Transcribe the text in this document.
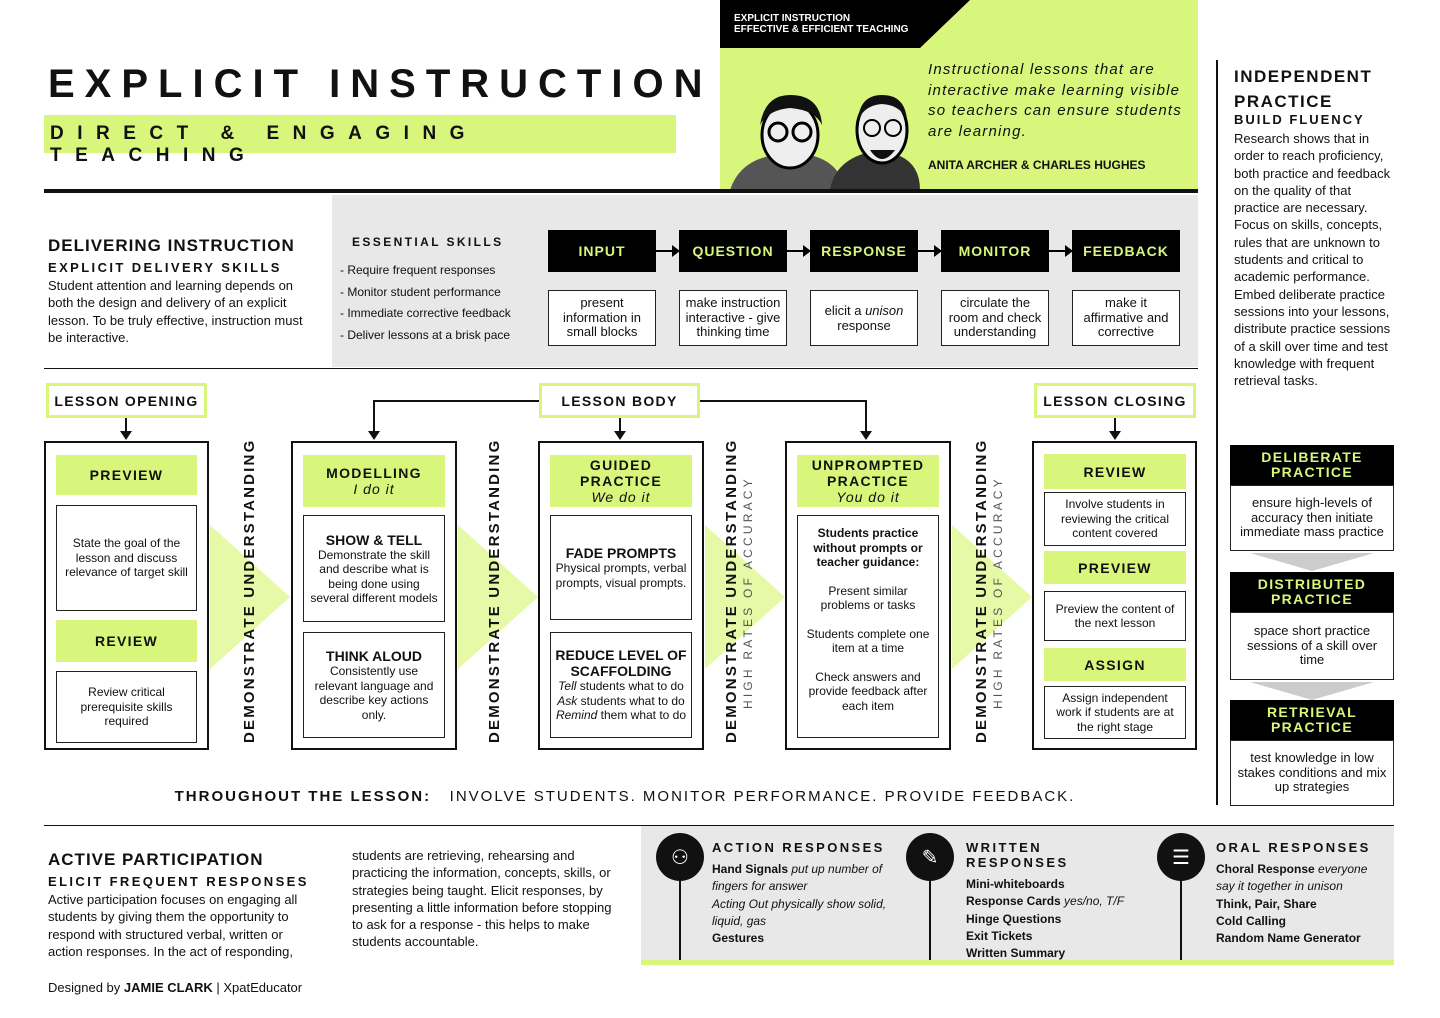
EXPLICIT INSTRUCTION
DIRECT & ENGAGING TEACHING
EXPLICIT INSTRUCTION
EFFECTIVE & EFFICIENT TEACHING
Instructional lessons that are interactive make learning visible so teachers can ensure students are learning.
ANITA ARCHER & CHARLES HUGHES
DELIVERING INSTRUCTION
EXPLICIT DELIVERY SKILLS
Student attention and learning depends on both the design and delivery of an explicit lesson. To be truly effective, instruction must be interactive.
ESSENTIAL SKILLS
- Require frequent responses
- Monitor student performance
- Immediate corrective feedback
- Deliver lessons at a brisk pace
INPUT	QUESTION	RESPONSE	MONITOR	FEEDBACK
present information in small blocks
make instruction interactive - give thinking time
elicit a unison response
circulate the room and check understanding
make it affirmative and corrective
INDEPENDENT
PRACTICE
BUILD FLUENCY
Research shows that in order to reach proficiency, both practice and feedback on the quality of that practice are necessary. Focus on skills, concepts, rules that are unknown to students and critical to academic performance. Embed deliberate practice sessions into your lessons, distribute practice sessions of a skill over time and test knowledge with frequent retrieval tasks.
DELIBERATE
PRACTICE
ensure high-levels of accuracy then initiate immediate mass practice
DISTRIBUTED
PRACTICE
space short practice sessions of a skill over time
RETRIEVAL
PRACTICE
test knowledge in low stakes conditions and mix up strategies
LESSON OPENING	LESSON BODY	LESSON CLOSING
DEMONSTRATE UNDERSTANDING	DEMONSTRATE UNDERSTANDING	DEMONSTRATE UNDERSTANDING HIGH RATES OF ACCURACY	DEMONSTRATE UNDERSTANDING HIGH RATES OF ACCURACY
PREVIEW
State the goal of the lesson and discuss relevance of target skill
REVIEW
Review critical prerequisite skills required
MODELLING
I do it
SHOW & TELL
Demonstrate the skill and describe what is being done using several different models
THINK ALOUD
Consistently use relevant language and describe key actions only.
GUIDED
PRACTICE
We do it
FADE PROMPTS
Physical prompts, verbal prompts, visual prompts.
REDUCE LEVEL OF
SCAFFOLDING
Tell students what to do
Ask students what to do
Remind them what to do
UNPROMPTED
PRACTICE
You do it
Students practice without prompts or teacher guidance:
Present similar problems or tasks
Students complete one item at a time
Check answers and provide feedback after each item
REVIEW
Involve students in reviewing the critical content covered
PREVIEW
Preview the content of the next lesson
ASSIGN
Assign independent work if students are at the right stage
THROUGHOUT THE LESSON: INVOLVE STUDENTS. MONITOR PERFORMANCE. PROVIDE FEEDBACK.
ACTIVE PARTICIPATION
ELICIT FREQUENT RESPONSES
Active participation focuses on engaging all students by giving them the opportunity to respond with structured verbal, written or action responses. In the act of responding,
students are retrieving, rehearsing and practicing the information, concepts, skills, or strategies being taught. Elicit responses, by presenting a little information before stopping to ask for a response - this helps to make students accountable.
⚇	✎	☰
ACTION RESPONSES
Hand Signals put up number of fingers for answer
Acting Out physically show solid, liquid, gas
Gestures
WRITTEN RESPONSES
Mini-whiteboards
Response Cards yes/no, T/F
Hinge Questions
Exit Tickets
Written Summary
ORAL RESPONSES
Choral Response everyone say it together in unison
Think, Pair, Share
Cold Calling
Random Name Generator
Designed by JAMIE CLARK | XpatEducator
